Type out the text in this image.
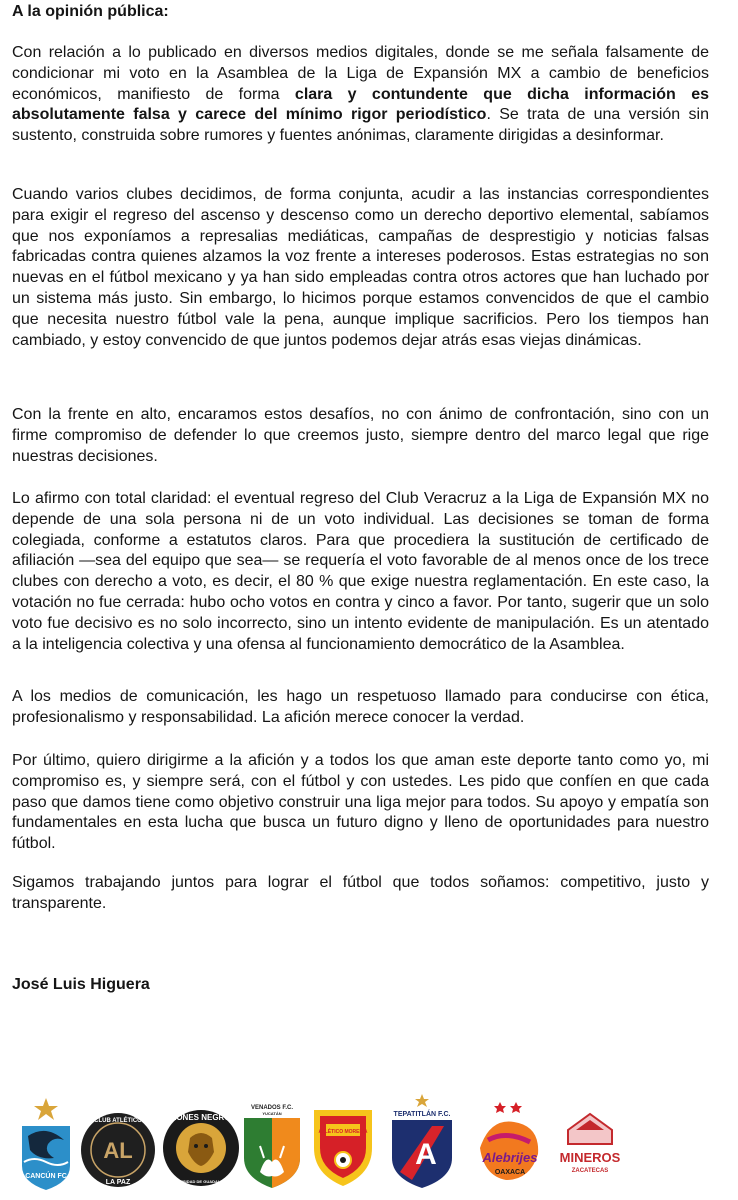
A la opinión pública:

Con relación a lo publicado en diversos medios digitales, donde se me señala falsamente de condicionar mi voto en la Asamblea de la Liga de Expansión MX a cambio de beneficios económicos, manifiesto de forma clara y contundente que dicha información es absolutamente falsa y carece del mínimo rigor periodístico. Se trata de una versión sin sustento, construida sobre rumores y fuentes anónimas, claramente dirigidas a desinformar.

Cuando varios clubes decidimos, de forma conjunta, acudir a las instancias correspondientes para exigir el regreso del ascenso y descenso como un derecho deportivo elemental, sabíamos que nos exponíamos a represalias mediáticas, campañas de desprestigio y noticias falsas fabricadas contra quienes alzamos la voz frente a intereses poderosos. Estas estrategias no son nuevas en el fútbol mexicano y ya han sido empleadas contra otros actores que han luchado por un sistema más justo. Sin embargo, lo hicimos porque estamos convencidos de que el cambio que necesita nuestro fútbol vale la pena, aunque implique sacrificios. Pero los tiempos han cambiado, y estoy convencido de que juntos podemos dejar atrás esas viejas dinámicas.

Con la frente en alto, encaramos estos desafíos, no con ánimo de confrontación, sino con un firme compromiso de defender lo que creemos justo, siempre dentro del marco legal que rige nuestras decisiones.

Lo afirmo con total claridad: el eventual regreso del Club Veracruz a la Liga de Expansión MX no depende de una sola persona ni de un voto individual. Las decisiones se toman de forma colegiada, conforme a estatutos claros. Para que procediera la sustitución de certificado de afiliación —sea del equipo que sea— se requería el voto favorable de al menos once de los trece clubes con derecho a voto, es decir, el 80 % que exige nuestra reglamentación. En este caso, la votación no fue cerrada: hubo ocho votos en contra y cinco a favor. Por tanto, sugerir que un solo voto fue decisivo es no solo incorrecto, sino un intento evidente de manipulación. Es un atentado a la inteligencia colectiva y una ofensa al funcionamiento democrático de la Asamblea.

A los medios de comunicación, les hago un respetuoso llamado para conducirse con ética, profesionalismo y responsabilidad. La afición merece conocer la verdad.

Por último, quiero dirigirme a la afición y a todos los que aman este deporte tanto como yo, mi compromiso es, y siempre será, con el fútbol y con ustedes. Les pido que confíen en que cada paso que damos tiene como objetivo construir una liga mejor para todos. Su apoyo y empatía son fundamentales en esta lucha que busca un futuro digno y lleno de oportunidades para nuestro fútbol.

Sigamos trabajando juntos para lograr el fútbol que todos soñamos: competitivo, justo y transparente.

José Luis Higuera

CANCÚN FC
AL
CLUB ATLÉTICO
LA PAZ
LEONES NEGROS
UNIVERSIDAD DE GUADALAJARA
VENADOS F.C.
YUCATÁN
ATLÉTICO MORELIA
TEPATITLÁN F.C.
A	Alebrijes
OAXACA
MINEROS
ZACATECAS
